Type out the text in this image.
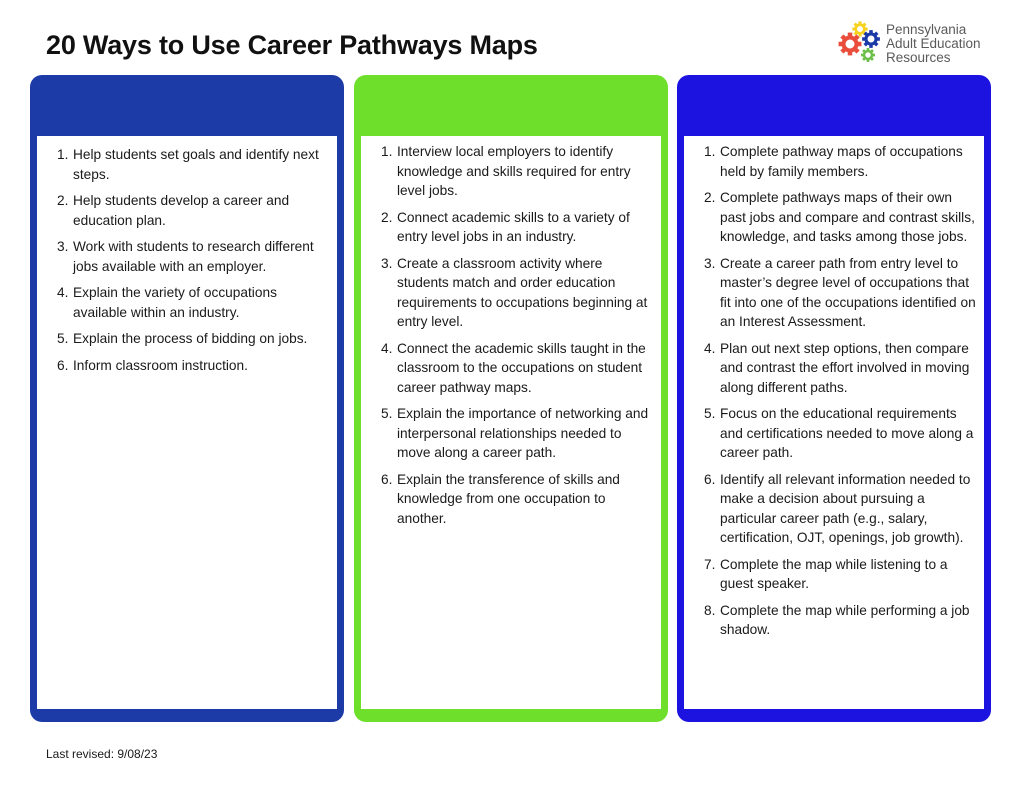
20 Ways to Use Career Pathways Maps
Pennsylvania
Adult Education
Resources
1. Help students set goals and identify next steps.
2. Help students develop a career and education plan.
3. Work with students to research different jobs available with an employer.
4. Explain the variety of occupations available within an industry.
5. Explain the process of bidding on jobs.
6. Inform classroom instruction.
1. Interview local employers to identify knowledge and skills required for entry level jobs.
2. Connect academic skills to a variety of entry level jobs in an industry.
3. Create a classroom activity where students match and order education requirements to occupations beginning at entry level.
4. Connect the academic skills taught in the classroom to the occupations on student career pathway maps.
5. Explain the importance of networking and interpersonal relationships needed to move along a career path.
6. Explain the transference of skills and knowledge from one occupation to another.
1. Complete pathway maps of occupations held by family members.
2. Complete pathways maps of their own past jobs and compare and contrast skills, knowledge, and tasks among those jobs.
3. Create a career path from entry level to master’s degree level of occupations that fit into one of the occupations identified on an Interest Assessment.
4. Plan out next step options, then compare and contrast the effort involved in moving along different paths.
5. Focus on the educational requirements and certifications needed to move along a career path.
6. Identify all relevant information needed to make a decision about pursuing a particular career path (e.g., salary, certification, OJT, openings, job growth).
7. Complete the map while listening to a guest speaker.
8. Complete the map while performing a job shadow.
Last revised: 9/08/23
